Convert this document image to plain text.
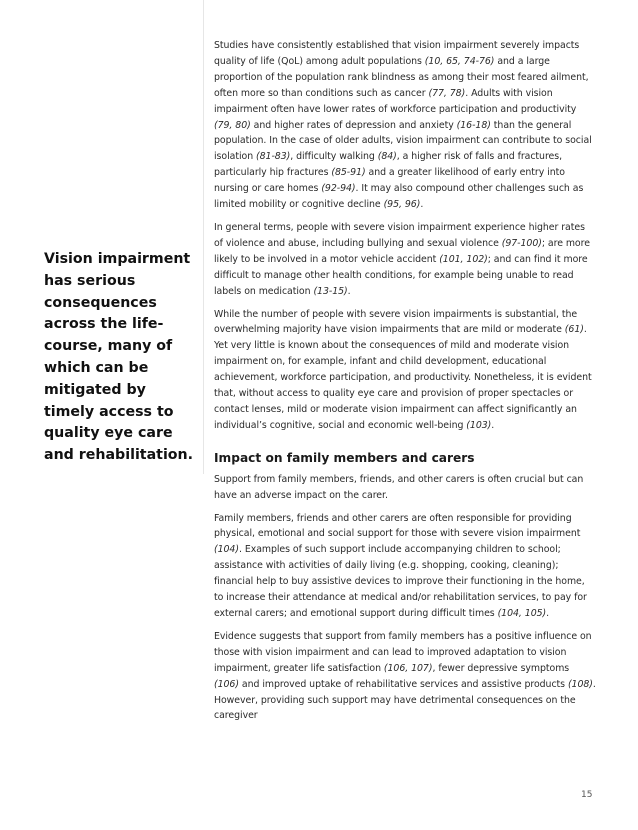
Vision impairment has serious consequences across the life-course, many of which can be mitigated by timely access to quality eye care and rehabilitation.

Studies have consistently established that vision impairment severely impacts quality of life (QoL) among adult populations (10, 65, 74-76) and a large proportion of the population rank blindness as among their most feared ailment, often more so than conditions such as cancer (77, 78). Adults with vision impairment often have lower rates of workforce participation and productivity (79, 80) and higher rates of depression and anxiety (16-18) than the general population. In the case of older adults, vision impairment can contribute to social isolation (81-83), difficulty walking (84), a higher risk of falls and fractures, particularly hip fractures (85-91) and a greater likelihood of early entry into nursing or care homes (92-94). It may also compound other challenges such as limited mobility or cognitive decline (95, 96).

In general terms, people with severe vision impairment experience higher rates of violence and abuse, including bullying and sexual violence (97-100); are more likely to be involved in a motor vehicle accident (101, 102); and can find it more difficult to manage other health conditions, for example being unable to read labels on medication (13-15).

While the number of people with severe vision impairments is substantial, the overwhelming majority have vision impairments that are mild or moderate (61). Yet very little is known about the consequences of mild and moderate vision impairment on, for example, infant and child development, educational achievement, workforce participation, and productivity. Nonetheless, it is evident that, without access to quality eye care and provision of proper spectacles or contact lenses, mild or moderate vision impairment can affect significantly an individual’s cognitive, social and economic well-being (103).

Impact on family members and carers

Support from family members, friends, and other carers is often crucial but can have an adverse impact on the carer.

Family members, friends and other carers are often responsible for providing physical, emotional and social support for those with severe vision impairment (104). Examples of such support include accompanying children to school; assistance with activities of daily living (e.g. shopping, cooking, cleaning); financial help to buy assistive devices to improve their functioning in the home, to increase their attendance at medical and/or rehabilitation services, to pay for external carers; and emotional support during difficult times (104, 105).

Evidence suggests that support from family members has a positive influence on those with vision impairment and can lead to improved adaptation to vision impairment, greater life satisfaction (106, 107), fewer depressive symptoms (106) and improved uptake of rehabilitative services and assistive products (108). However, providing such support may have detrimental consequences on the caregiver

15
